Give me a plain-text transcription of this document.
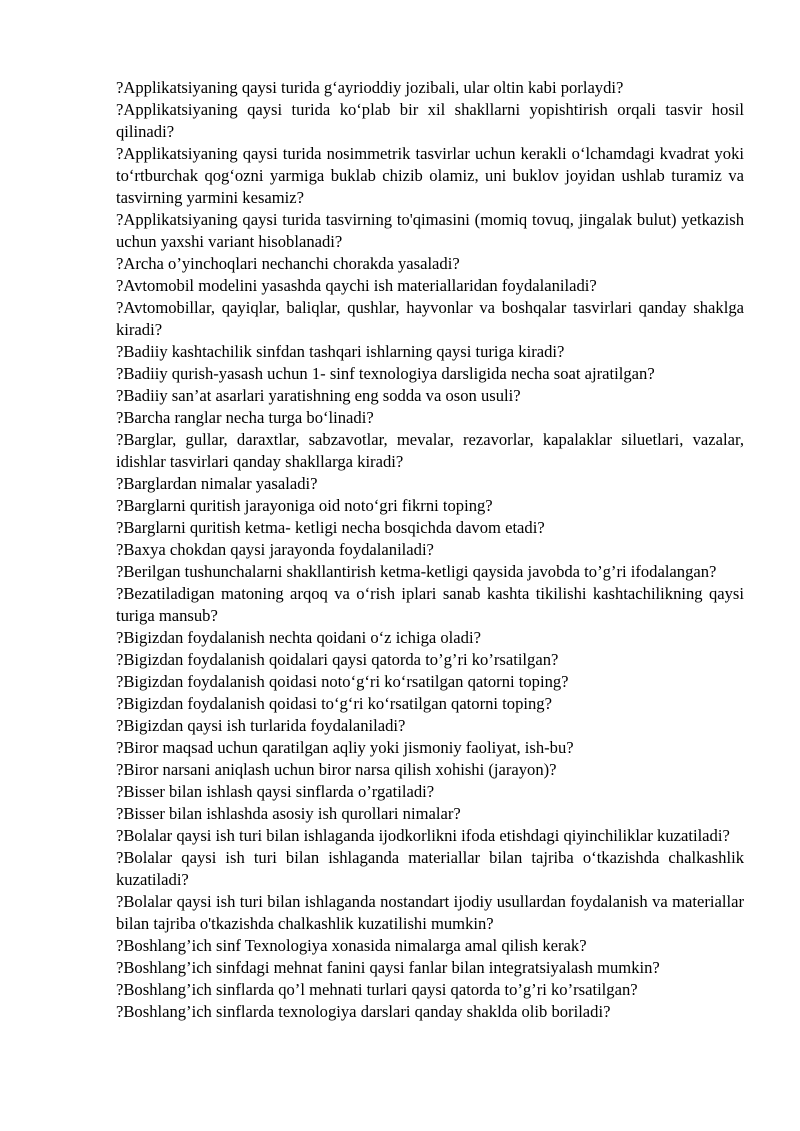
?Applikatsiyaning qaysi turida g‘ayrioddiy jozibali, ular oltin kabi porlaydi?

?Applikatsiyaning qaysi turida ko‘plab bir xil shakllarni yopishtirish orqali tasvir hosil qilinadi?

?Applikatsiyaning qaysi turida nosimmetrik tasvirlar uchun kerakli o‘lchamdagi kvadrat yoki to‘rtburchak qog‘ozni yarmiga buklab chizib olamiz, uni buklov joyidan ushlab turamiz va tasvirning yarmini kesamiz?

?Applikatsiyaning qaysi turida tasvirning to'qimasini (momiq tovuq, jingalak bulut) yetkazish uchun yaxshi variant hisoblanadi?

?Archa o’yinchoqlari nechanchi chorakda yasaladi?

?Avtomobil modelini yasashda qaychi ish materiallaridan foydalaniladi?

?Avtomobillar, qayiqlar, baliqlar, qushlar, hayvonlar va boshqalar tasvirlari qanday shaklga kiradi?

?Badiiy kashtachilik sinfdan tashqari ishlarning qaysi turiga kiradi?

?Badiiy qurish-yasash uchun 1- sinf texnologiya darsligida necha soat ajratilgan?

?Badiiy san’at asarlari yaratishning eng sodda va oson usuli?

?Barcha ranglar necha turga bo‘linadi?

?Barglar, gullar, daraxtlar, sabzavotlar, mevalar, rezavorlar, kapalaklar siluetlari, vazalar, idishlar tasvirlari qanday shakllarga kiradi?

?Barglardan nimalar yasaladi?

?Barglarni quritish jarayoniga oid noto‘gri fikrni toping?

?Barglarni quritish ketma- ketligi necha bosqichda davom etadi?

?Baxya chokdan qaysi jarayonda foydalaniladi?

?Berilgan tushunchalarni shakllantirish ketma-ketligi qaysida javobda to’g’ri ifodalangan?

?Bezatiladigan matoning arqoq va o‘rish iplari sanab kashta tikilishi kashtachilikning qaysi turiga mansub?

?Bigizdan foydalanish nechta qoidani o‘z ichiga oladi?

?Bigizdan foydalanish qoidalari qaysi qatorda to’g’ri ko’rsatilgan?

?Bigizdan foydalanish qoidasi noto‘g‘ri ko‘rsatilgan qatorni toping?

?Bigizdan foydalanish qoidasi to‘g‘ri ko‘rsatilgan qatorni toping?

?Bigizdan qaysi ish turlarida foydalaniladi?

?Biror maqsad uchun qaratilgan aqliy yoki jismoniy faoliyat, ish-bu?

?Biror narsani aniqlash uchun biror narsa qilish xohishi (jarayon)?

?Bisser bilan ishlash qaysi sinflarda o’rgatiladi?

?Bisser bilan ishlashda asosiy ish qurollari nimalar?

?Bolalar qaysi ish turi bilan ishlaganda ijodkorlikni ifoda etishdagi qiyinchiliklar kuzatiladi?

?Bolalar qaysi ish turi bilan ishlaganda materiallar bilan tajriba o‘tkazishda chalkashlik kuzatiladi?

?Bolalar qaysi ish turi bilan ishlaganda nostandart ijodiy usullardan foydalanish va materiallar bilan tajriba o'tkazishda chalkashlik kuzatilishi mumkin?

?Boshlang’ich sinf Texnologiya xonasida nimalarga amal qilish kerak?

?Boshlang’ich sinfdagi mehnat fanini qaysi fanlar bilan integratsiyalash mumkin?

?Boshlang’ich sinflarda qo’l mehnati turlari qaysi qatorda to’g’ri ko’rsatilgan?

?Boshlang’ich sinflarda texnologiya darslari qanday shaklda olib boriladi?
